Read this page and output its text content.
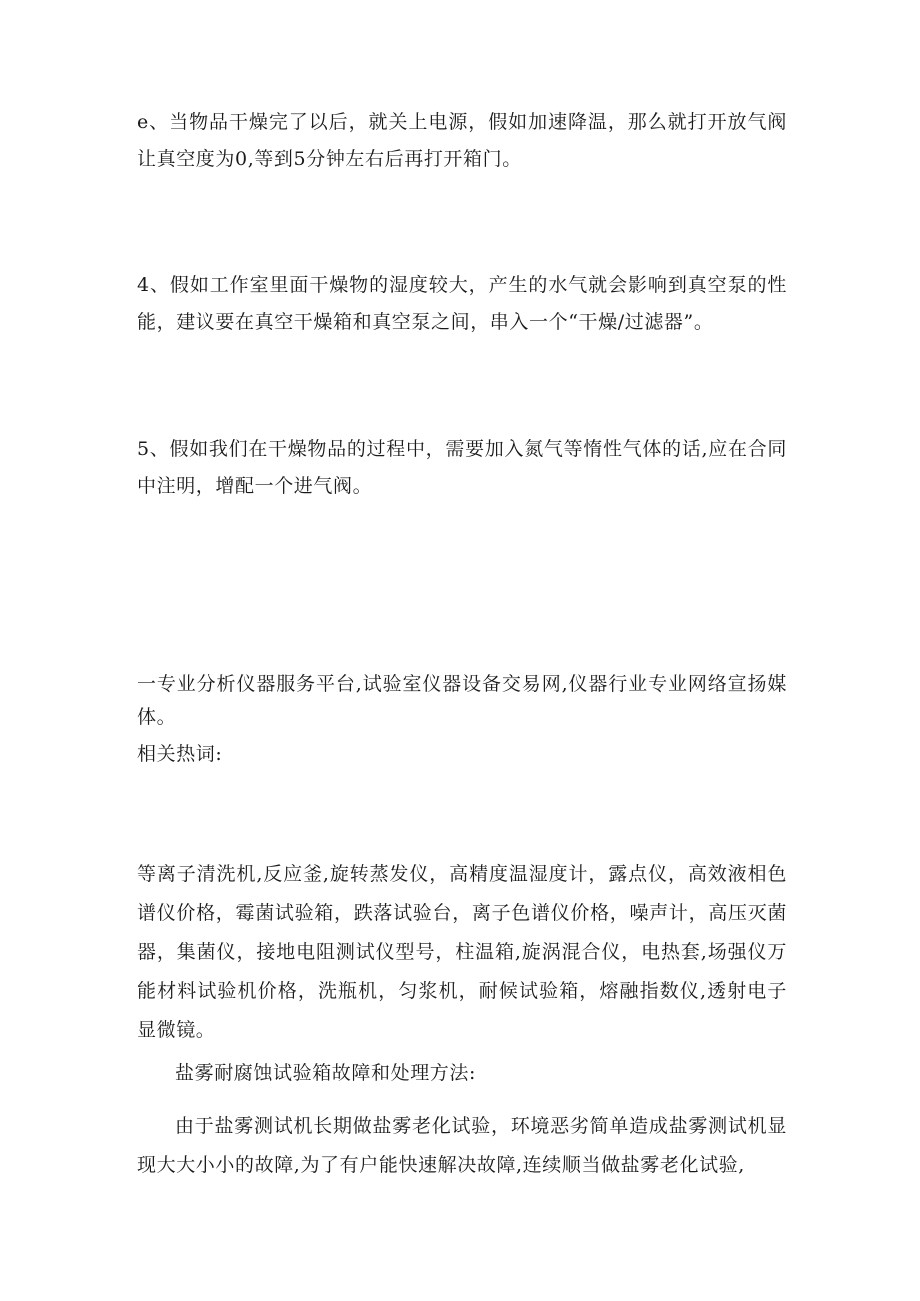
e、当物品干燥完了以后，就关上电源，假如加速降温，那么就打开放气阀让真空度为0,等到5分钟左右后再打开箱门。

4、假如工作室里面干燥物的湿度较大，产生的水气就会影响到真空泵的性能，建议要在真空干燥箱和真空泵之间，串入一个“干燥/过滤器”。

5、假如我们在干燥物品的过程中，需要加入氮气等惰性气体的话,应在合同中注明，增配一个进气阀。

一专业分析仪器服务平台,试验室仪器设备交易网,仪器行业专业网络宣扬媒体。

相关热词:

等离子清洗机,反应釜,旋转蒸发仪，高精度温湿度计，露点仪，高效液相色谱仪价格，霉菌试验箱，跌落试验台，离子色谱仪价格，噪声计，高压灭菌器，集菌仪，接地电阻测试仪型号，柱温箱,旋涡混合仪，电热套,场强仪万能材料试验机价格，洗瓶机，匀浆机，耐候试验箱，熔融指数仪,透射电子显微镜。

盐雾耐腐蚀试验箱故障和处理方法:

由于盐雾测试机长期做盐雾老化试验，环境恶劣简单造成盐雾测试机显现大大小小的故障,为了有户能快速解决故障,连续顺当做盐雾老化试验,
